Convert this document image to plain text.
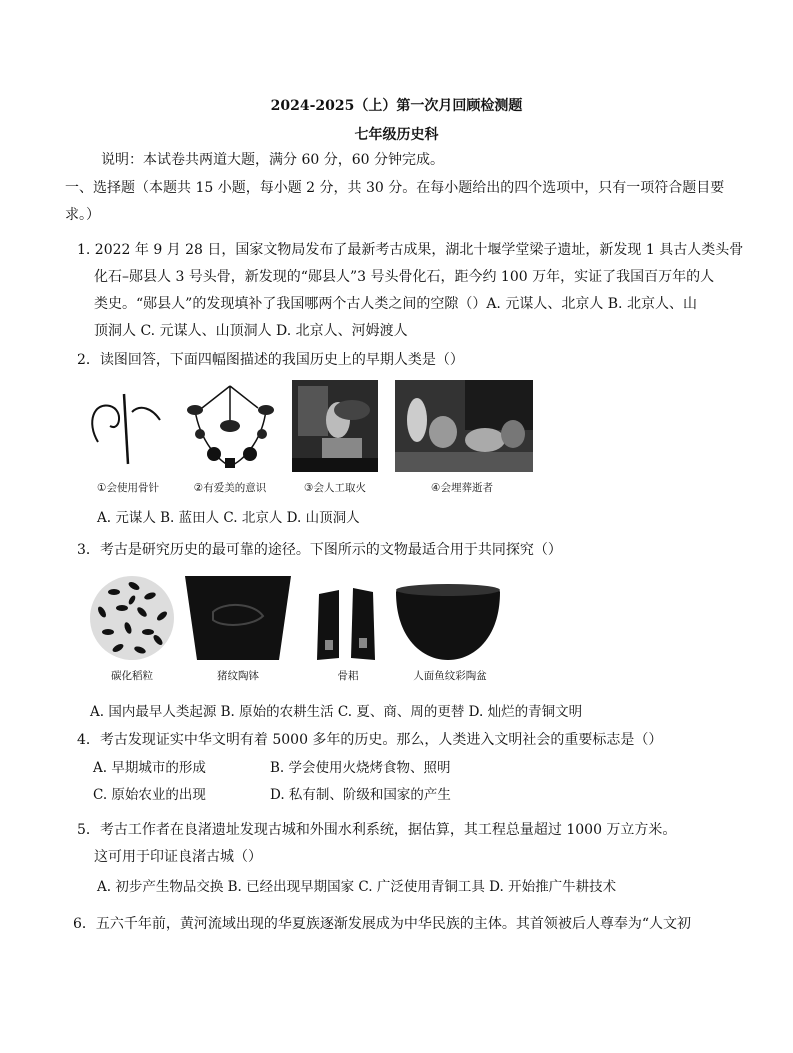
2024-2025（上）第一次月回顾检测题
七年级历史科
说明：本试卷共两道大题，满分 60 分，60 分钟完成。
一、选择题（本题共 15 小题，每小题 2 分，共 30 分。在每小题给出的四个选项中，只有一项符合题目要
求。）
1. 2022 年 9 月 28 日，国家文物局发布了最新考古成果，湖北十堰学堂梁子遗址，新发现 1 具古人类头骨
化石–郧县人 3 号头骨，新发现的“郧县人”3 号头骨化石，距今约 100 万年，实证了我国百万年的人
类史。“郧县人”的发现填补了我国哪两个古人类之间的空隙（）A. 元谋人、北京人 B. 北京人、山
顶洞人 C. 元谋人、山顶洞人 D. 北京人、河姆渡人
2．读图回答，下面四幅图描述的我国历史上的早期人类是（）
①会使用骨针	②有爱美的意识	③会人工取火	④会埋葬逝者
A. 元谋人 B. 蓝田人 C. 北京人 D. 山顶洞人
3．考古是研究历史的最可靠的途径。下图所示的文物最适合用于共同探究（）
碳化稻粒	猪纹陶钵	骨耜	人面鱼纹彩陶盆
A. 国内最早人类起源 B. 原始的农耕生活 C. 夏、商、周的更替 D. 灿烂的青铜文明
4．考古发现证实中华文明有着 5000 多年的历史。那么，人类进入文明社会的重要标志是（）
A. 早期城市的形成	B. 学会使用火烧烤食物、照明
C. 原始农业的出现	D. 私有制、阶级和国家的产生
5．考古工作者在良渚遗址发现古城和外围水利系统，据估算，其工程总量超过 1000 万立方米。
这可用于印证良渚古城（）
A. 初步产生物品交换 B. 已经出现早期国家 C. 广泛使用青铜工具 D. 开始推广牛耕技术
6．五六千年前，黄河流域出现的华夏族逐渐发展成为中华民族的主体。其首领被后人尊奉为“人文初
